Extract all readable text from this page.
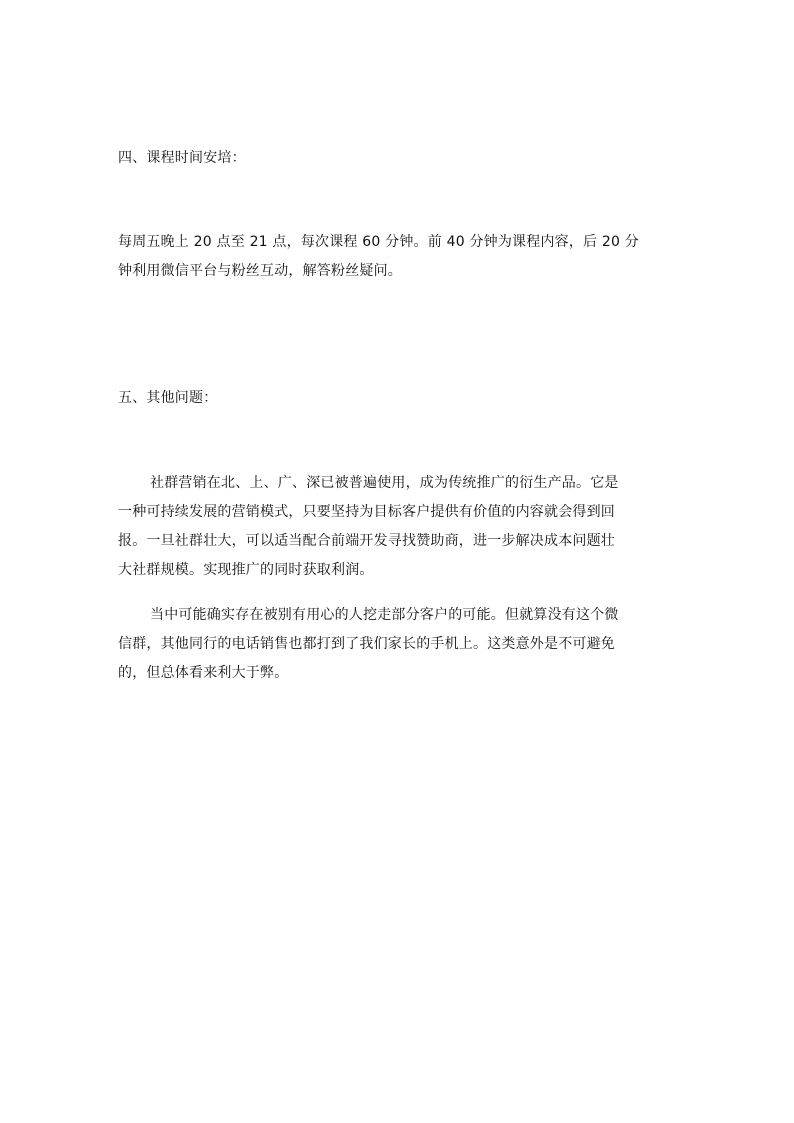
四、课程时间安培：
每周五晚上 20 点至 21 点，每次课程 60 分钟。前 40 分钟为课程内容，后 20 分
钟利用微信平台与粉丝互动，解答粉丝疑问。
五、其他问题：
社群营销在北、上、广、深已被普遍使用，成为传统推广的衍生产品。它是
一种可持续发展的营销模式，只要坚持为目标客户提供有价值的内容就会得到回
报。一旦社群壮大，可以适当配合前端开发寻找赞助商，进一步解决成本问题壮
大社群规模。实现推广的同时获取利润。
当中可能确实存在被别有用心的人挖走部分客户的可能。但就算没有这个微
信群，其他同行的电话销售也都打到了我们家长的手机上。这类意外是不可避免
的，但总体看来利大于弊。
